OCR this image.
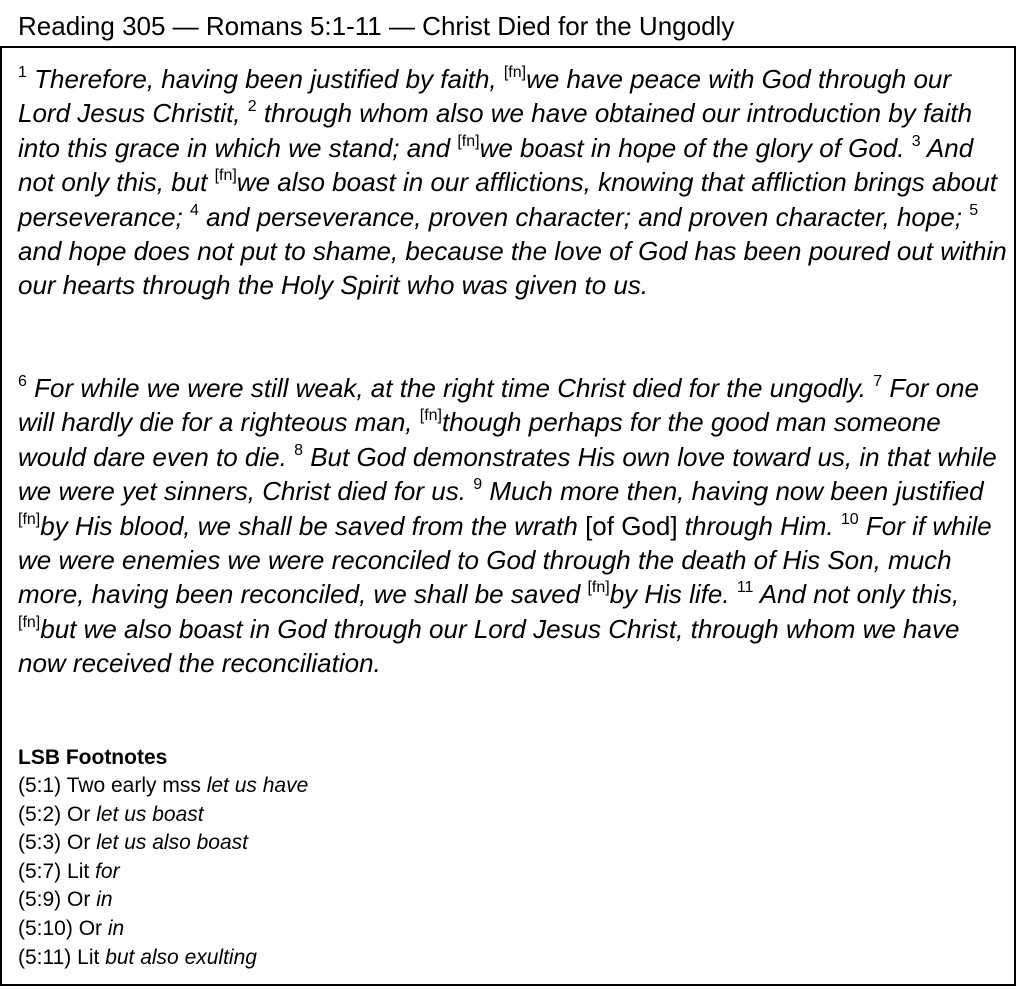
Reading 305 — Romans 5:1-11 — Christ Died for the Ungodly

$^1$ Therefore, having been justified by faith, [fn]we have peace with God through our Lord Jesus Christit, $^2$ through whom also we have obtained our introduction by faith into this grace in which we stand; and [fn]we boast in hope of the glory of God. $^3$ And not only this, but [fn]we also boast in our afflictions, knowing that affliction brings about perseverance; $^4$ and perseverance, proven character; and proven character, hope; $^5$ and hope does not put to shame, because the love of God has been poured out within our hearts through the Holy Spirit who was given to us.

$^6$ For while we were still weak, at the right time Christ died for the ungodly. $^7$ For one will hardly die for a righteous man, [fn]though perhaps for the good man someone would dare even to die. $^8$ But God demonstrates His own love toward us, in that while we were yet sinners, Christ died for us. $^9$ Much more then, having now been justified [fn]by His blood, we shall be saved from the wrath [of God] through Him. $^{10}$ For if while we were enemies we were reconciled to God through the death of His Son, much more, having been reconciled, we shall be saved [fn]by His life. $^{11}$ And not only this, [fn]but we also boast in God through our Lord Jesus Christ, through whom we have now received the reconciliation.

LSB Footnotes
(5:1) Two early mss let us have
(5:2) Or let us boast
(5:3) Or let us also boast
(5:7) Lit for
(5:9) Or in
(5:10) Or in
(5:11) Lit but also exulting
